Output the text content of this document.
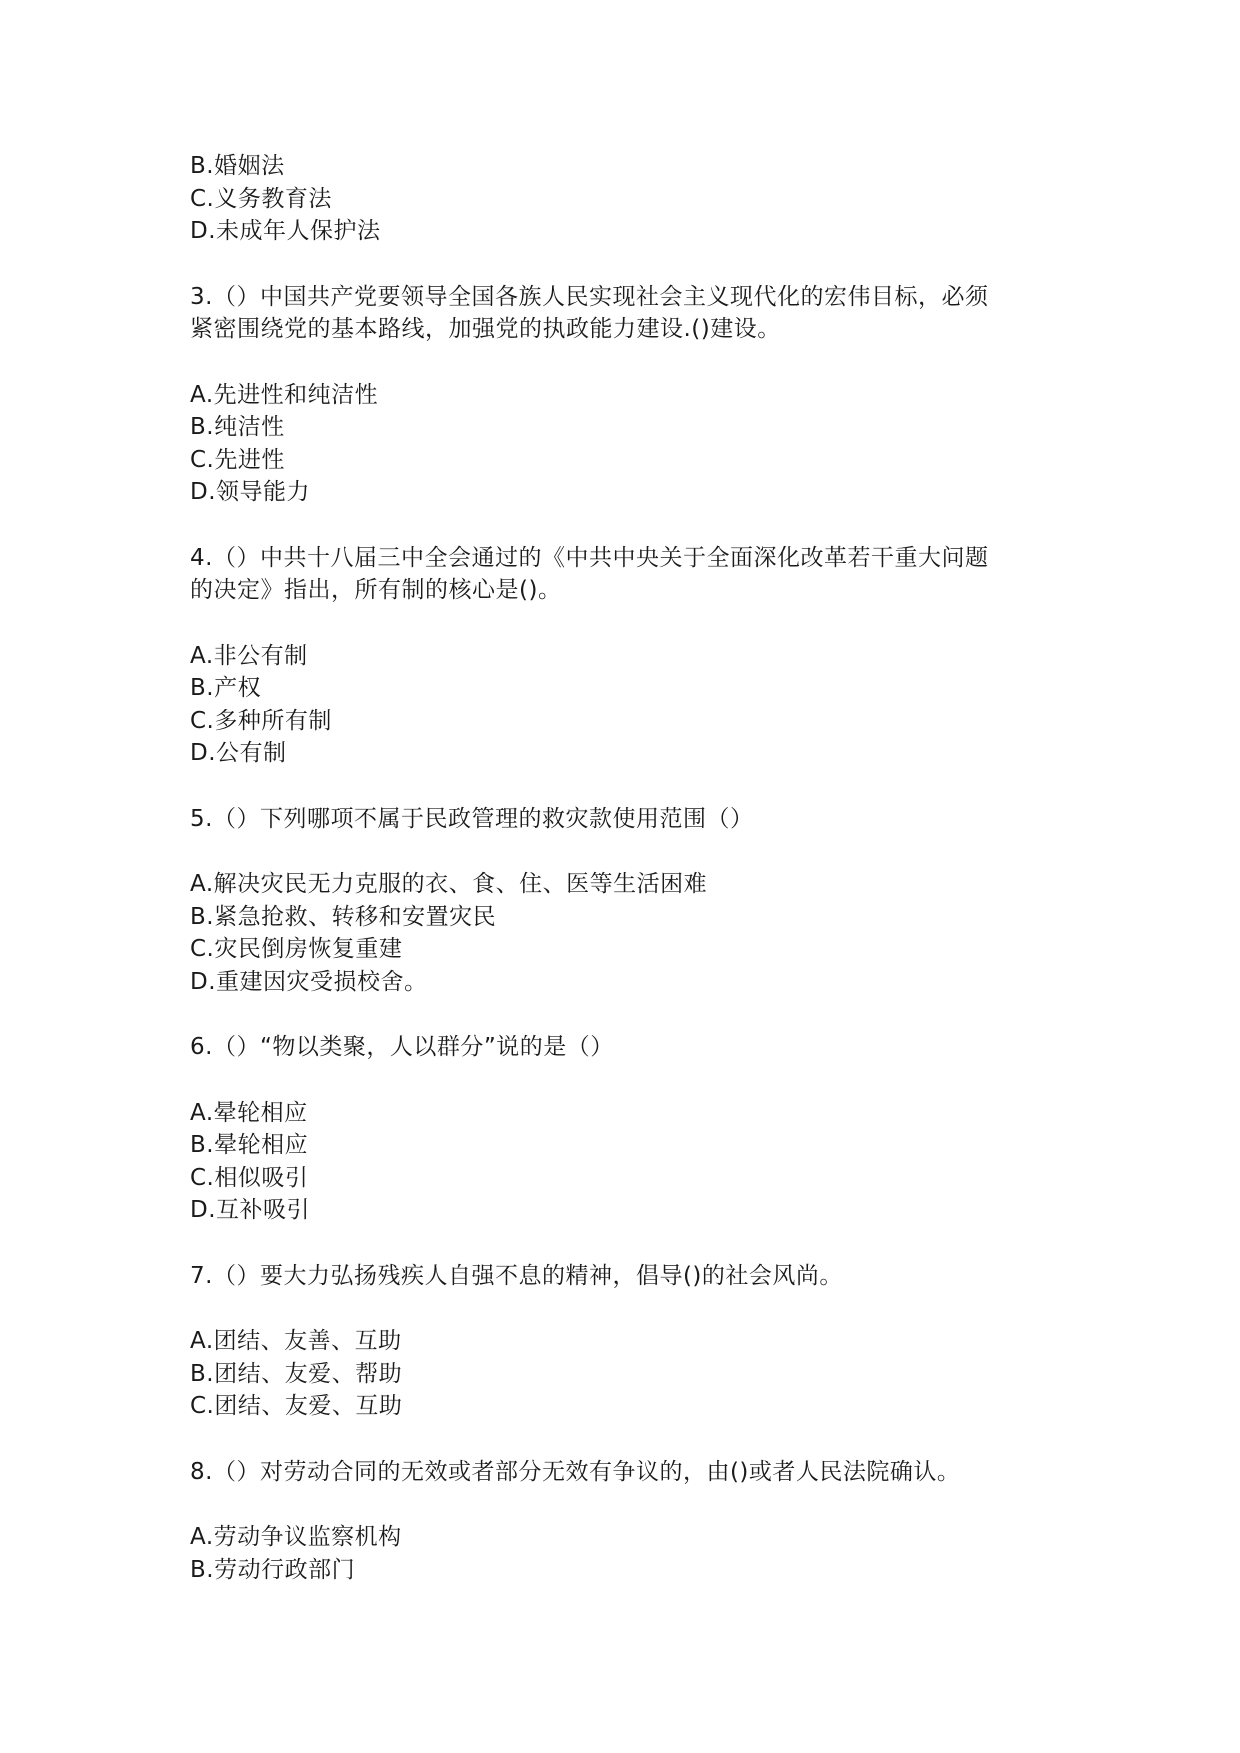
B.婚姻法
C.义务教育法
D.未成年人保护法
3.（）中国共产党要领导全国各族人民实现社会主义现代化的宏伟目标，必须
紧密围绕党的基本路线，加强党的执政能力建设.()建设。
A.先进性和纯洁性
B.纯洁性
C.先进性
D.领导能力
4.（）中共十八届三中全会通过的《中共中央关于全面深化改革若干重大问题
的决定》指出，所有制的核心是()。
A.非公有制
B.产权
C.多种所有制
D.公有制
5.（）下列哪项不属于民政管理的救灾款使用范围（）
A.解决灾民无力克服的衣、食、住、医等生活困难
B.紧急抢救、转移和安置灾民
C.灾民倒房恢复重建
D.重建因灾受损校舍。
6.（）“物以类聚，人以群分”说的是（）
A.晕轮相应
B.晕轮相应
C.相似吸引
D.互补吸引
7.（）要大力弘扬残疾人自强不息的精神，倡导()的社会风尚。
A.团结、友善、互助
B.团结、友爱、帮助
C.团结、友爱、互助
8.（）对劳动合同的无效或者部分无效有争议的，由()或者人民法院确认。
A.劳动争议监察机构
B.劳动行政部门
